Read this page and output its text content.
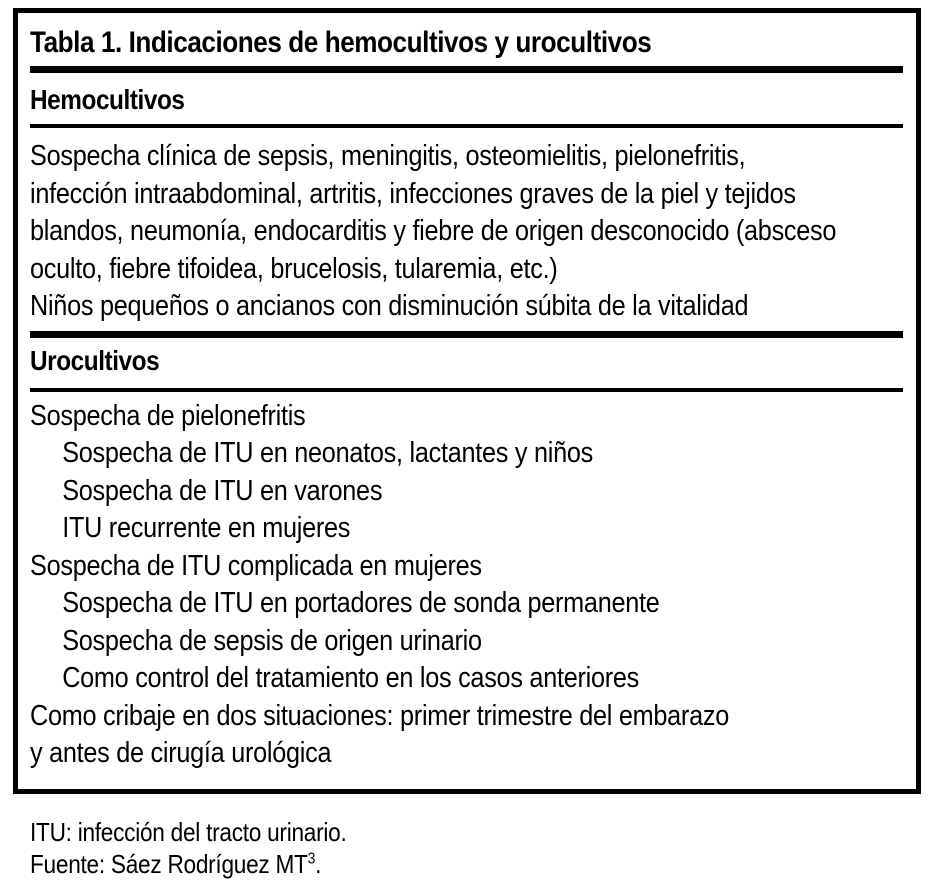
Tabla 1. Indicaciones de hemocultivos y urocultivos
Hemocultivos
Sospecha clínica de sepsis, meningitis, osteomielitis, pielonefritis,
infección intraabdominal, artritis, infecciones graves de la piel y tejidos
blandos, neumonía, endocarditis y fiebre de origen desconocido (absceso
oculto, fiebre tifoidea, brucelosis, tularemia, etc.)
Niños pequeños o ancianos con disminución súbita de la vitalidad
Urocultivos
Sospecha de pielonefritis
Sospecha de ITU en neonatos, lactantes y niños
Sospecha de ITU en varones
ITU recurrente en mujeres
Sospecha de ITU complicada en mujeres
Sospecha de ITU en portadores de sonda permanente
Sospecha de sepsis de origen urinario
Como control del tratamiento en los casos anteriores
Como cribaje en dos situaciones: primer trimestre del embarazo
y antes de cirugía urológica
ITU: infección del tracto urinario.
Fuente: Sáez Rodríguez $MT^3$.
